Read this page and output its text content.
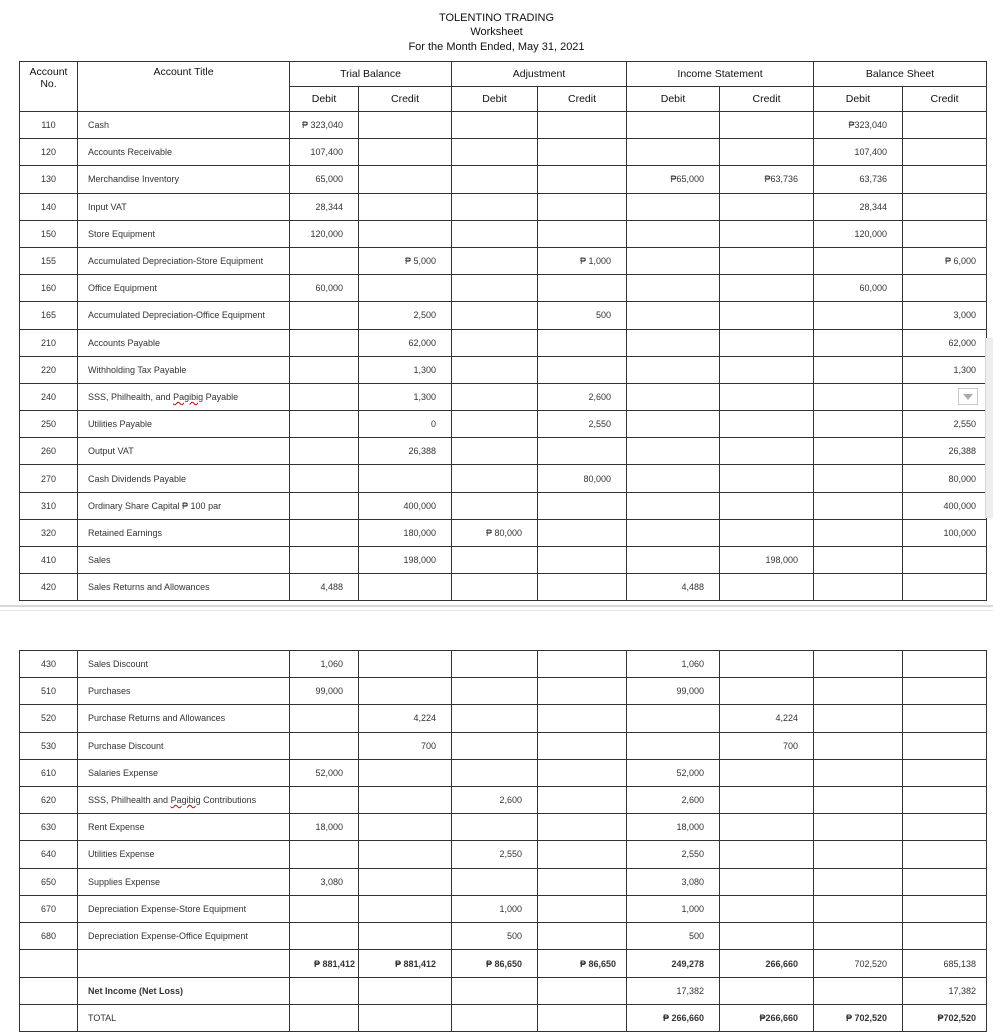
TOLENTINO TRADING
Worksheet
For the Month Ended, May 31, 2021
Account
No.	Account Title	Trial Balance		Adjustment		Income Statement		Balance Sheet	
		Debit	Credit	Debit	Credit	Debit	Credit	Debit	Credit
110	Cash	₱ 323,040						₱323,040	
120	Accounts Receivable	107,400						107,400	
130	Merchandise Inventory	65,000				₱65,000	₱63,736	63,736	
140	Input VAT	28,344						28,344	
150	Store Equipment	120,000						120,000	
155	Accumulated Depreciation-Store Equipment		₱ 5,000		₱ 1,000				₱ 6,000
160	Office Equipment	60,000						60,000	
165	Accumulated Depreciation-Office Equipment		2,500		500				3,000
210	Accounts Payable		62,000						62,000
220	Withholding Tax Payable		1,300						1,300
240	SSS, Philhealth, and Pagibig Payable		1,300		2,600				
250	Utilities Payable		0		2,550				2,550
260	Output VAT		26,388						26,388
270	Cash Dividends Payable				80,000				80,000
310	Ordinary Share Capital ₱ 100 par		400,000						400,000
320	Retained Earnings		180,000	₱ 80,000					100,000
410	Sales		198,000				198,000		
420	Sales Returns and Allowances	4,488				4,488			
430	Sales Discount	1,060				1,060			
510	Purchases	99,000				99,000			
520	Purchase Returns and Allowances		4,224				4,224		
530	Purchase Discount		700				700		
610	Salaries Expense	52,000				52,000			
620	SSS, Philhealth and Pagibig Contributions			2,600		2,600			
630	Rent Expense	18,000				18,000			
640	Utilities Expense			2,550		2,550			
650	Supplies Expense	3,080				3,080			
670	Depreciation Expense-Store Equipment			1,000		1,000			
680	Depreciation Expense-Office Equipment			500		500			
		₱ 881,412	₱ 881,412	₱ 86,650	₱ 86,650	249,278	266,660	702,520	685,138
	Net Income (Net Loss)					17,382			17,382
	TOTAL					₱ 266,660	₱266,660	₱ 702,520	₱702,520
